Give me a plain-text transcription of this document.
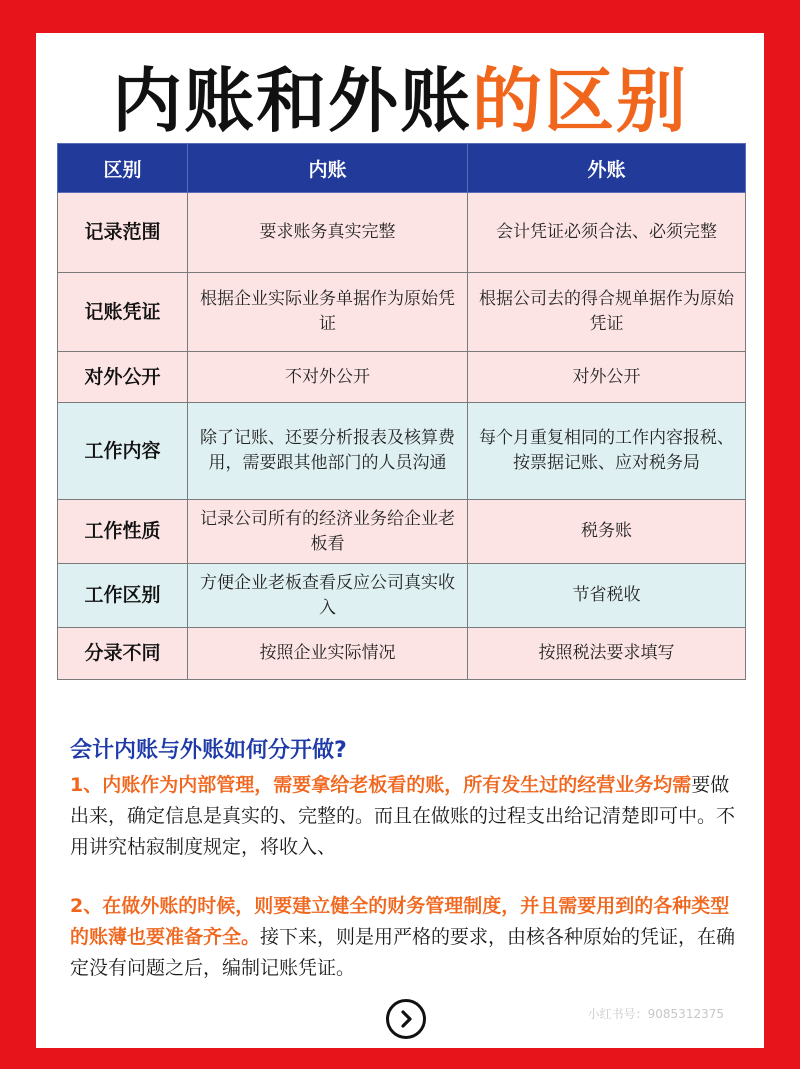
内账和外账的区别
区别	内账	外账
记录范围	要求账务真实完整	会计凭证必须合法、必须完整
记账凭证	根据企业实际业务单据作为原始凭证	根据公司去的得合规单据作为原始凭证
对外公开	不对外公开	对外公开
工作内容	除了记账、还要分析报表及核算费用，需要跟其他部门的人员沟通	每个月重复相同的工作内容报税、按票据记账、应对税务局
工作性质	记录公司所有的经济业务给企业老板看	税务账
工作区别	方便企业老板查看反应公司真实收入	节省税收
分录不同	按照企业实际情况	按照税法要求填写
会计内账与外账如何分开做?

1、内账作为内部管理，需要拿给老板看的账，所有发生过的经营业务均需要做出来，确定信息是真实的、完整的。而且在做账的过程支出给记清楚即可中。不用讲究枯寂制度规定，将收入、

2、在做外账的时候，则要建立健全的财务管理制度，并且需要用到的各种类型的账薄也要准备齐全。接下来，则是用严格的要求，由核各种原始的凭证，在确定没有问题之后，编制记账凭证。

小红书号：9085312375
